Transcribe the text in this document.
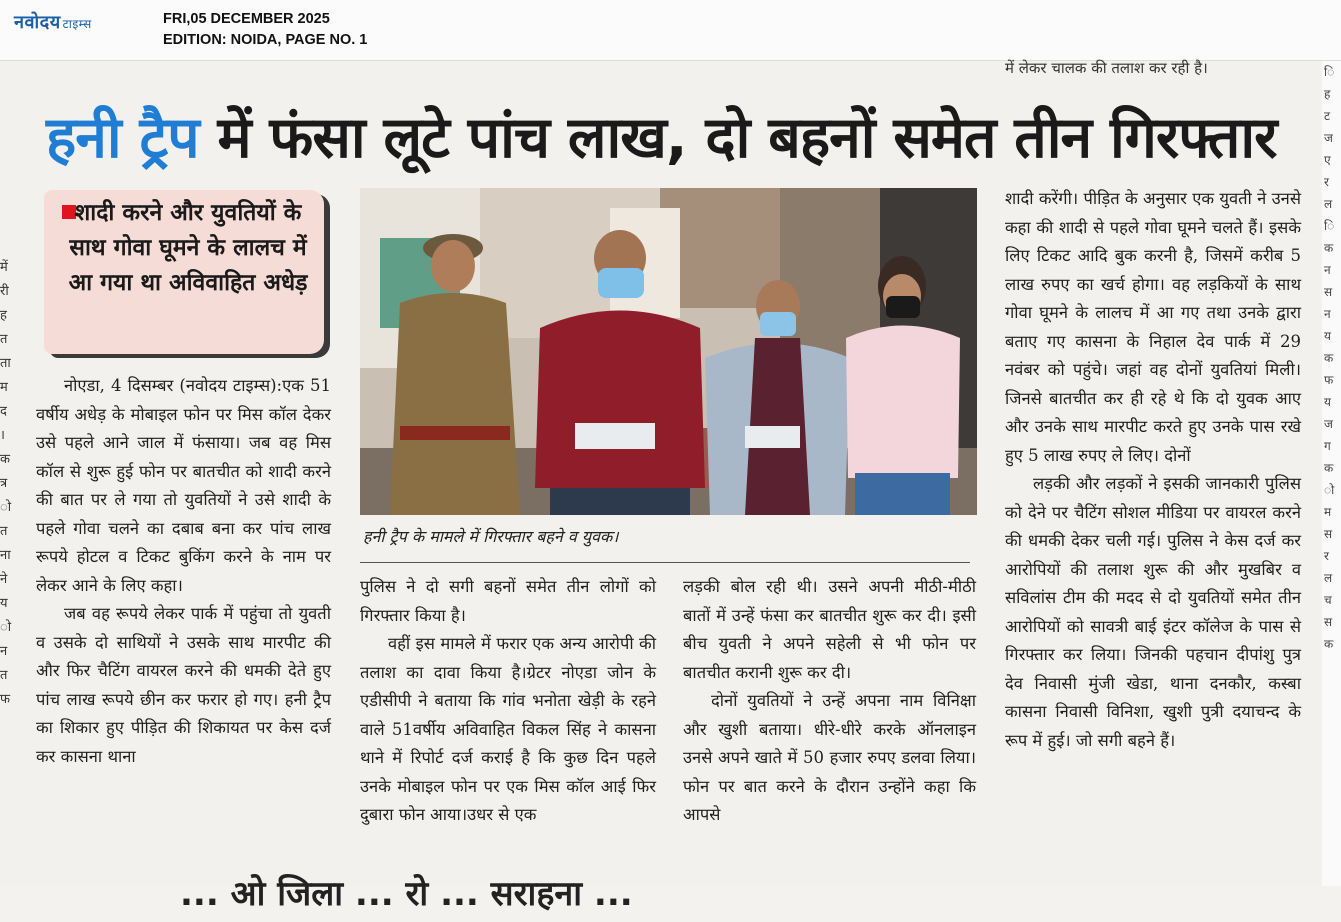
नवोदय टाइम्स	FRI,05 DECEMBER 2025
EDITION: NOIDA, PAGE NO. 1
में लेकर चालक की तलाश कर रही है।
में
री
ह
त
ता
म
द
।
क
त्र
ो
त
ना
ने
य
ो
न
त
फ
ि
ह
ट
ज
ए
र
ल
ि
क
न
स
न
य
क
फ
य
ज
ग
क
ो
म
स
र
ल
च
स
क
हनी ट्रैप में फंसा लूटे पांच लाख, दो बहनों समेत तीन गिरफ्तार
शादी करने और युवतियों के साथ गोवा घूमने के लालच में आ गया था अविवाहित अधेड़

नोएडा, 4 दिसम्बर (नवोदय टाइम्स):एक 51 वर्षीय अधेड़ के मोबाइल फोन पर मिस कॉल देकर उसे पहले आने जाल में फंसाया। जब वह मिस कॉल से शुरू हुई फोन पर बातचीत को शादी करने की बात पर ले गया तो युवतियों ने उसे शादी के पहले गोवा चलने का दबाब बना कर पांच लाख रूपये होटल व टिकट बुकिंग करने के नाम पर लेकर आने के लिए कहा।

जब वह रूपये लेकर पार्क में पहुंचा तो युवती व उसके दो साथियों ने उसके साथ मारपीट की और फिर चैटिंग वायरल करने की धमकी देते हुए पांच लाख रूपये छीन कर फरार हो गए। हनी ट्रैप का शिकार हुए पीड़ित की शिकायत पर केस दर्ज कर कासना थाना

हनी ट्रैप के मामले में गिरफ्तार बहने व युवक।

पुलिस ने दो सगी बहनों समेत तीन लोगों को गिरफ्तार किया है।

वहीं इस मामले में फरार एक अन्य आरोपी की तलाश का दावा किया है।ग्रेटर नोएडा जोन के एडीसीपी ने बताया कि गांव भनोता खेड़ी के रहने वाले 51वर्षीय अविवाहित विकल सिंह ने कासना थाने में रिपोर्ट दर्ज कराई है कि कुछ दिन पहले उनके मोबाइल फोन पर एक मिस कॉल आई फिर दुबारा फोन आया।उधर से एक

लड़की बोल रही थी। उसने अपनी मीठी-मीठी बातों में उन्हें फंसा कर बातचीत शुरू कर दी। इसी बीच युवती ने अपने सहेली से भी फोन पर बातचीत करानी शुरू कर दी।

दोनों युवतियों ने उन्हें अपना नाम विनिक्षा और खुशी बताया। धीरे-धीरे करके ऑनलाइन उनसे अपने खाते में 50 हजार रुपए डलवा लिया। फोन पर बात करने के दौरान उन्होंने कहा कि आपसे

शादी करेंगी। पीड़ित के अनुसार एक युवती ने उनसे कहा की शादी से पहले गोवा घूमने चलते हैं। इसके लिए टिकट आदि बुक करनी है, जिसमें करीब 5 लाख रुपए का खर्च होगा। वह लड़कियों के साथ गोवा घूमने के लालच में आ गए तथा उनके द्वारा बताए गए कासना के निहाल देव पार्क में 29 नवंबर को पहुंचे। जहां वह दोनों युवतियां मिली। जिनसे बातचीत कर ही रहे थे कि दो युवक आए और उनके साथ मारपीट करते हुए उनके पास रखे हुए 5 लाख रुपए ले लिए। दोनों

लड़की और लड़कों ने इसकी जानकारी पुलिस को देने पर चैटिंग सोशल मीडिया पर वायरल करने की धमकी देकर चली गई। पुलिस ने केस दर्ज कर आरोपियों की तलाश शुरू की और मुखबिर व सविलांस टीम की मदद से दो युवतियों समेत तीन आरोपियों को सावत्री बाई इंटर कॉलेज के पास से गिरफ्तार कर लिया। जिनकी पहचान दीपांशु पुत्र देव निवासी मुंजी खेडा, थाना दनकौर, कस्बा कासना निवासी विनिशा, खुशी पुत्री दयाचन्द के रूप में हुई। जो सगी बहने हैं।

... ओ जिला ... रो ... सराहना ...
